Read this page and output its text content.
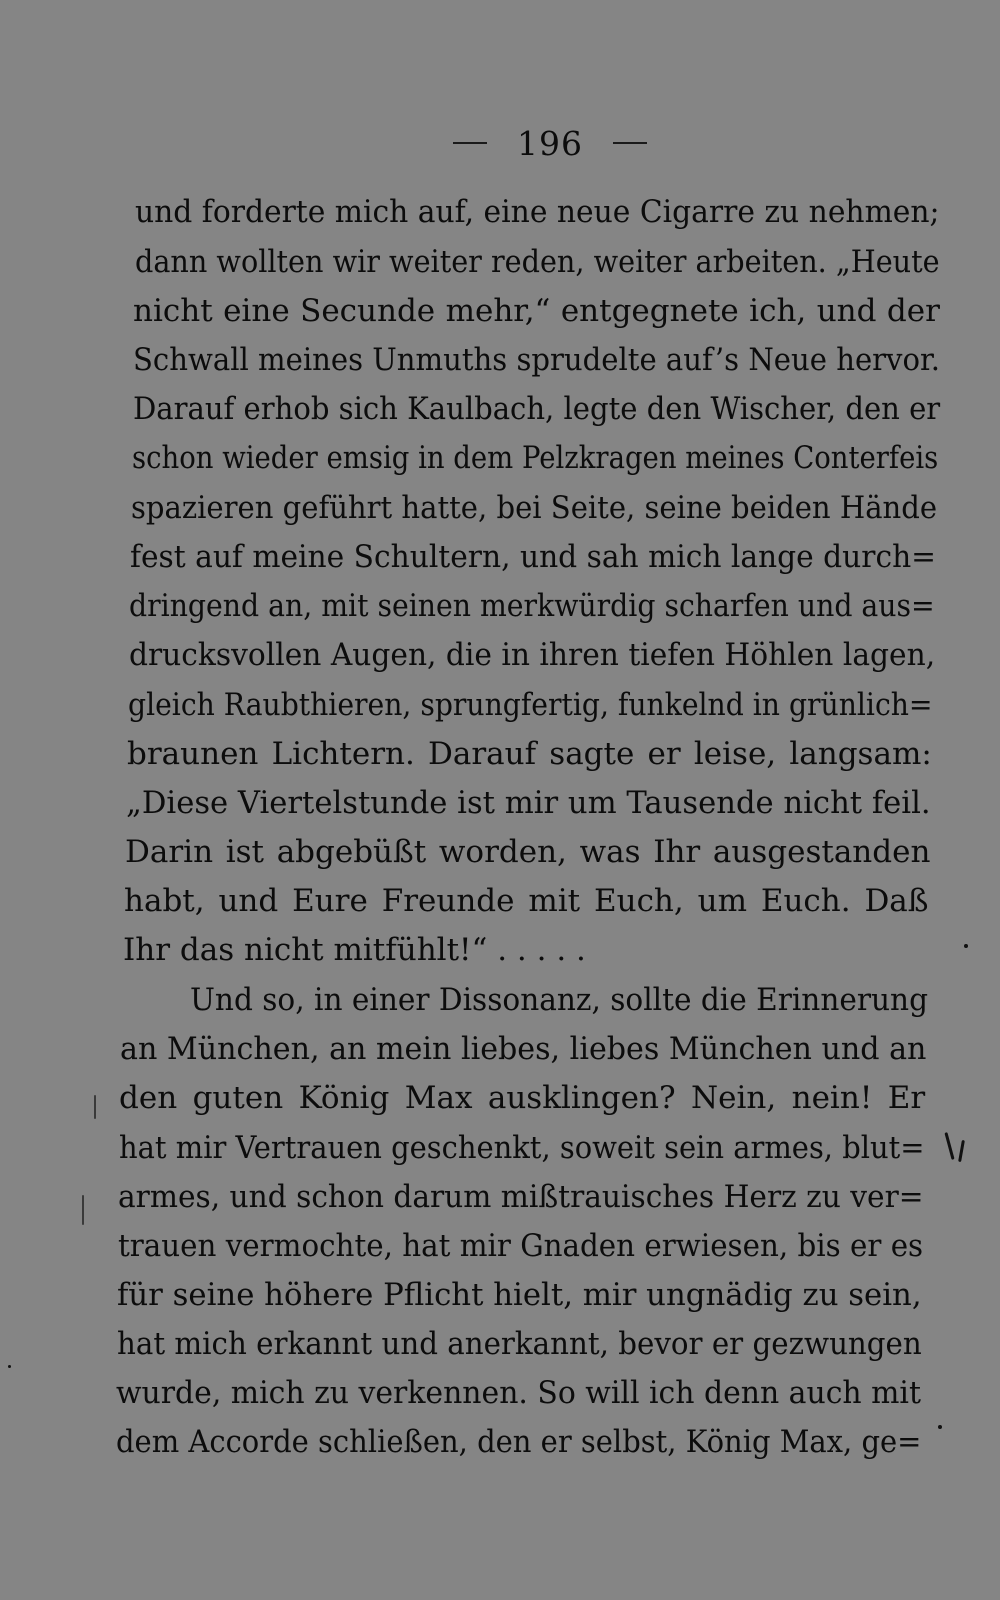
196
und forderte mich auf, eine neue Cigarre zu nehmen;
dann wollten wir weiter reden, weiter arbeiten. „Heute
nicht eine Secunde mehr,“ entgegnete ich, und der
Schwall meines Unmuths sprudelte auf’s Neue hervor.
Darauf erhob sich Kaulbach, legte den Wischer, den er
schon wieder emsig in dem Pelzkragen meines Conterfeis
spazieren geführt hatte, bei Seite, seine beiden Hände
fest auf meine Schultern, und sah mich lange durch=
dringend an, mit seinen merkwürdig scharfen und aus=
drucksvollen Augen, die in ihren tiefen Höhlen lagen,
gleich Raubthieren, sprungfertig, funkelnd in grünlich=
braunen Lichtern. Darauf sagte er leise, langsam:
„Diese Viertelstunde ist mir um Tausende nicht feil.
Darin ist abgebüßt worden, was Ihr ausgestanden
habt, und Eure Freunde mit Euch, um Euch. Daß
Ihr das nicht mitfühlt!“ . . . . .
Und so, in einer Dissonanz, sollte die Erinnerung
an München, an mein liebes, liebes München und an
den guten König Max ausklingen? Nein, nein! Er
hat mir Vertrauen geschenkt, soweit sein armes, blut=
armes, und schon darum mißtrauisches Herz zu ver=
trauen vermochte, hat mir Gnaden erwiesen, bis er es
für seine höhere Pflicht hielt, mir ungnädig zu sein,
hat mich erkannt und anerkannt, bevor er gezwungen
wurde, mich zu verkennen. So will ich denn auch mit
dem Accorde schließen, den er selbst, König Max, ge=
